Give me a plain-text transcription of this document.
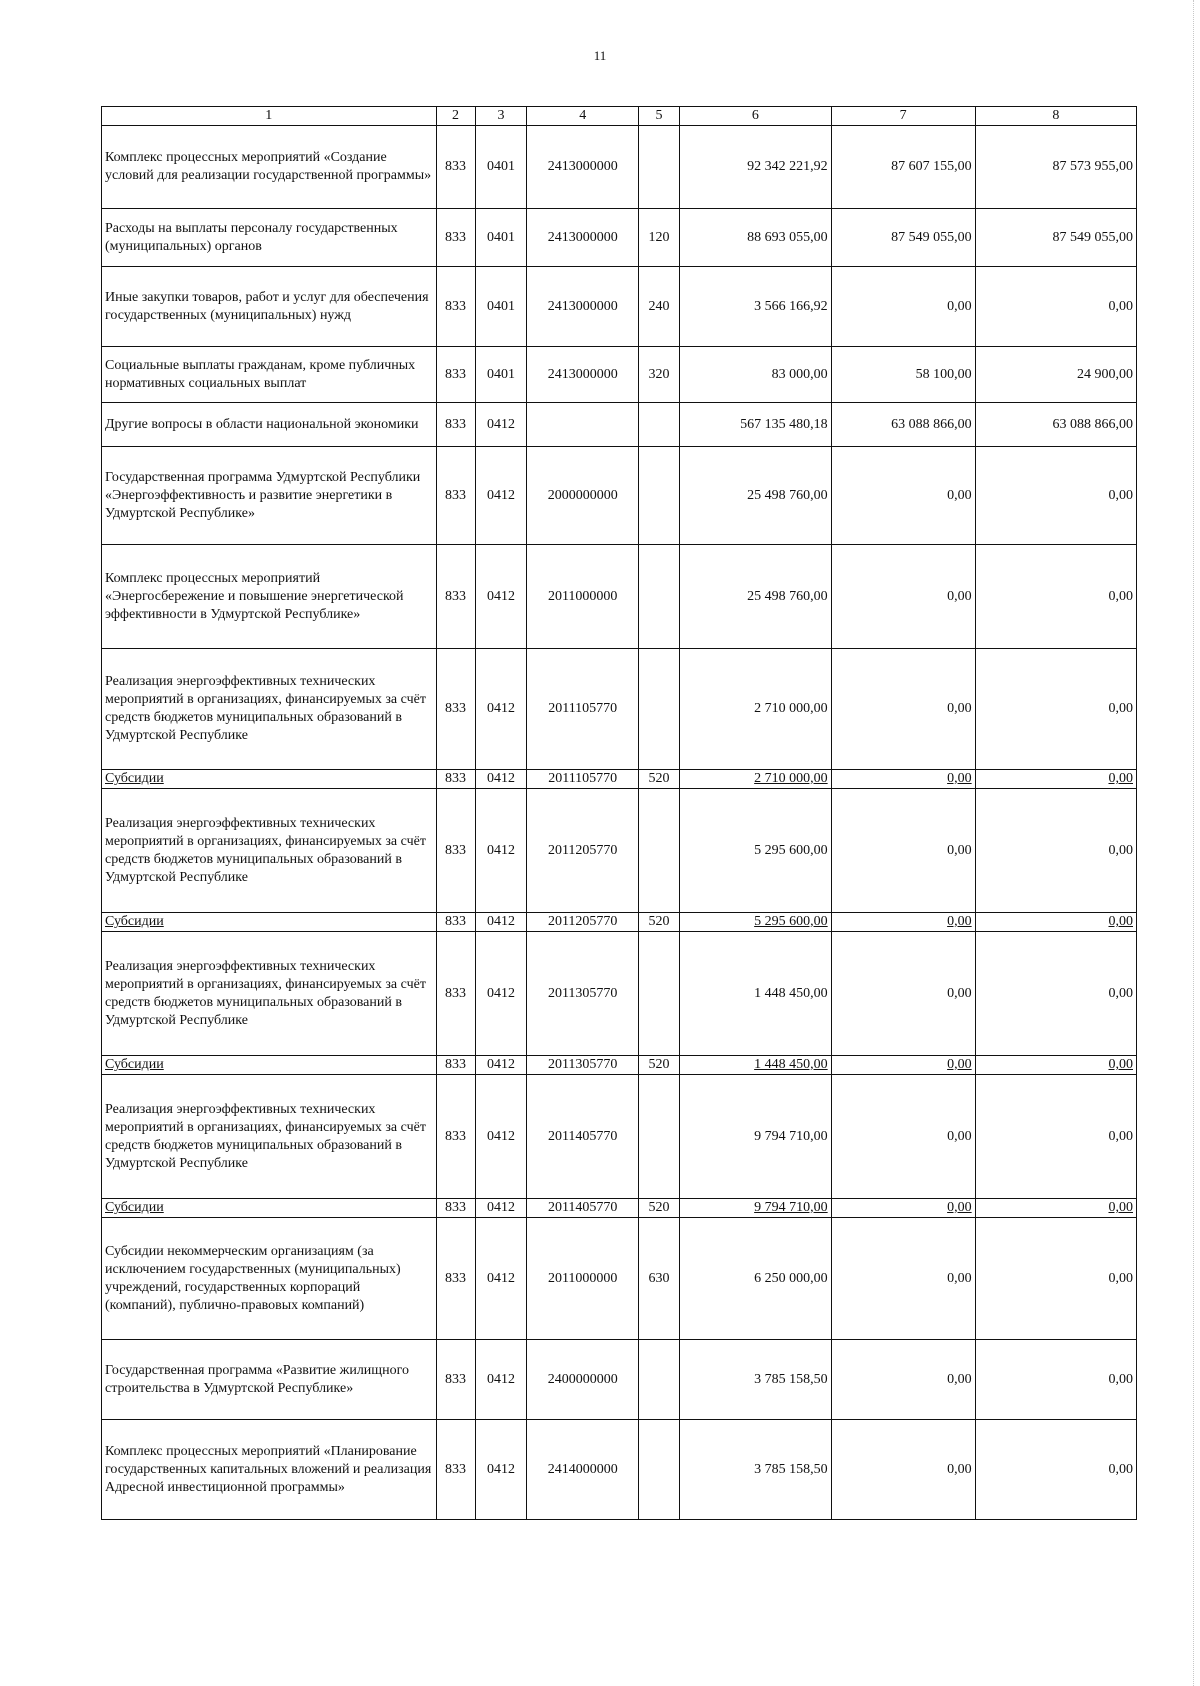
11
1	2	3	4	5	6	7	8
Комплекс процессных мероприятий «Создание условий для реализации государственной программы»	833	0401	2413000000		92 342 221,92	87 607 155,00	87 573 955,00
Расходы на выплаты персоналу государственных (муниципальных) органов	833	0401	2413000000	120	88 693 055,00	87 549 055,00	87 549 055,00
Иные закупки товаров, работ и услуг для обеспечения государственных (муниципальных) нужд	833	0401	2413000000	240	3 566 166,92	0,00	0,00
Социальные выплаты гражданам, кроме публичных нормативных социальных выплат	833	0401	2413000000	320	83 000,00	58 100,00	24 900,00
Другие вопросы в области национальной экономики	833	0412			567 135 480,18	63 088 866,00	63 088 866,00
Государственная программа Удмуртской Республики «Энергоэффективность и развитие энергетики в Удмуртской Республике»	833	0412	2000000000		25 498 760,00	0,00	0,00
Комплекс процессных мероприятий «Энергосбережение и повышение энергетической эффективности в Удмуртской Республике»	833	0412	2011000000		25 498 760,00	0,00	0,00
Реализация энергоэффективных технических мероприятий в организациях, финансируемых за счёт средств бюджетов муниципальных образований в Удмуртской Республике	833	0412	2011105770		2 710 000,00	0,00	0,00
Субсидии	833	0412	2011105770	520	2 710 000,00	0,00	0,00
Реализация энергоэффективных технических мероприятий в организациях, финансируемых за счёт средств бюджетов муниципальных образований в Удмуртской Республике	833	0412	2011205770		5 295 600,00	0,00	0,00
Субсидии	833	0412	2011205770	520	5 295 600,00	0,00	0,00
Реализация энергоэффективных технических мероприятий в организациях, финансируемых за счёт средств бюджетов муниципальных образований в Удмуртской Республике	833	0412	2011305770		1 448 450,00	0,00	0,00
Субсидии	833	0412	2011305770	520	1 448 450,00	0,00	0,00
Реализация энергоэффективных технических мероприятий в организациях, финансируемых за счёт средств бюджетов муниципальных образований в Удмуртской Республике	833	0412	2011405770		9 794 710,00	0,00	0,00
Субсидии	833	0412	2011405770	520	9 794 710,00	0,00	0,00
Субсидии некоммерческим организациям (за исключением государственных (муниципальных) учреждений, государственных корпораций (компаний), публично-правовых компаний)	833	0412	2011000000	630	6 250 000,00	0,00	0,00
Государственная программа «Развитие жилищного строительства в Удмуртской Республике»	833	0412	2400000000		3 785 158,50	0,00	0,00
Комплекс процессных мероприятий «Планирование государственных капитальных вложений и реализация Адресной инвестиционной программы»	833	0412	2414000000		3 785 158,50	0,00	0,00
